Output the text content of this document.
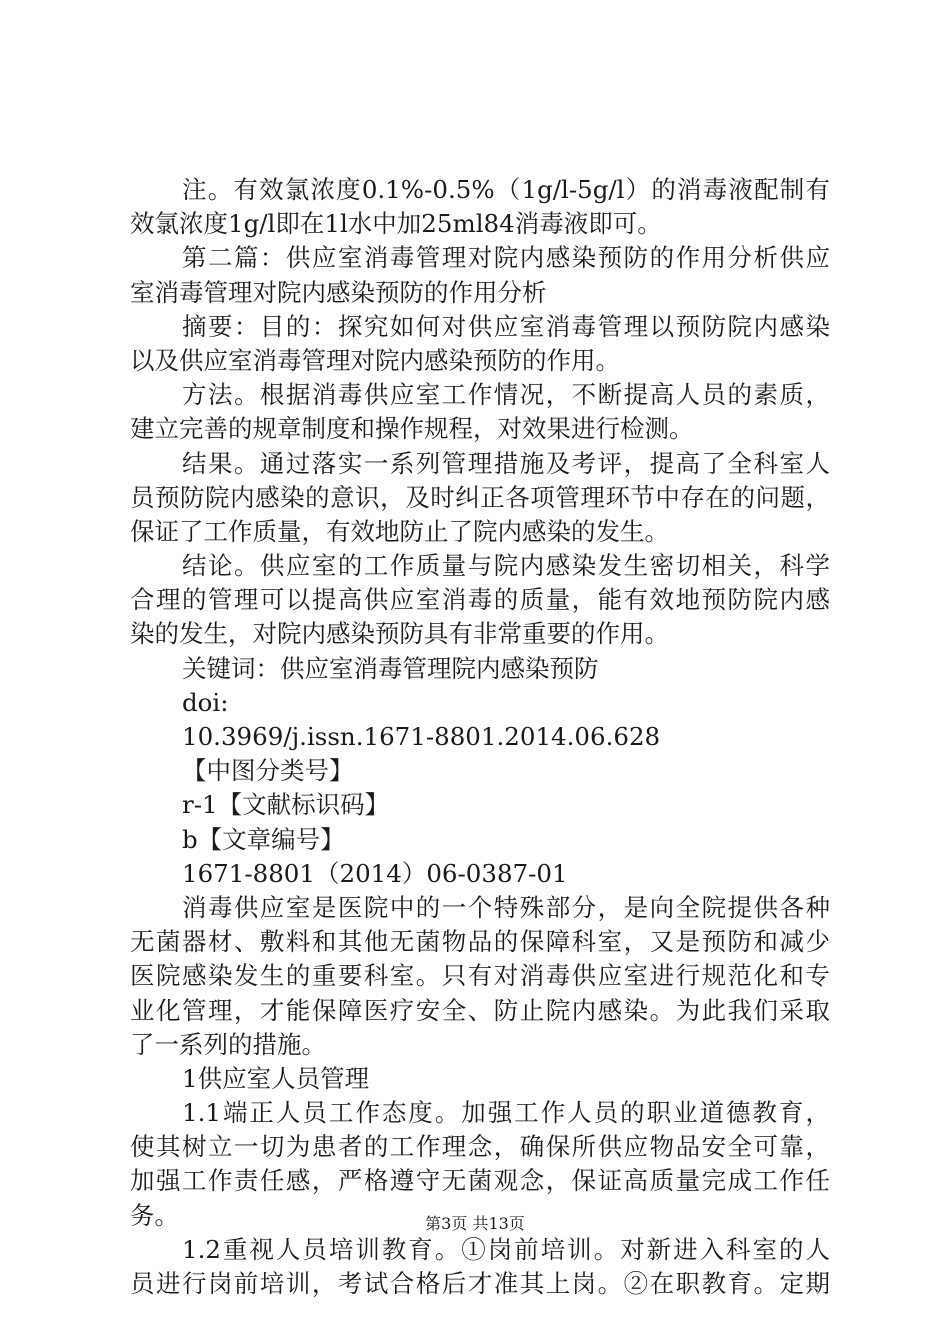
注。有效氯浓度0.1%-0.5%（1g/l-5g/l）的消毒液配制有
效氯浓度1g/l即在1l水中加25ml84消毒液即可。
第二篇：供应室消毒管理对院内感染预防的作用分析供应
室消毒管理对院内感染预防的作用分析
摘要：目的：探究如何对供应室消毒管理以预防院内感染
以及供应室消毒管理对院内感染预防的作用。
方法。根据消毒供应室工作情况，不断提高人员的素质，
建立完善的规章制度和操作规程，对效果进行检测。
结果。通过落实一系列管理措施及考评，提高了全科室人
员预防院内感染的意识，及时纠正各项管理环节中存在的问题，
保证了工作质量，有效地防止了院内感染的发生。
结论。供应室的工作质量与院内感染发生密切相关，科学
合理的管理可以提高供应室消毒的质量，能有效地预防院内感
染的发生，对院内感染预防具有非常重要的作用。
关键词：供应室消毒管理院内感染预防
doi:
10.3969/j.issn.1671-8801.2014.06.628
【中图分类号】
r-1【文献标识码】
b【文章编号】
1671-8801（2014）06-0387-01
消毒供应室是医院中的一个特殊部分，是向全院提供各种
无菌器材、敷料和其他无菌物品的保障科室，又是预防和减少
医院感染发生的重要科室。只有对消毒供应室进行规范化和专
业化管理，才能保障医疗安全、防止院内感染。为此我们采取
了一系列的措施。
1供应室人员管理
1.1端正人员工作态度。加强工作人员的职业道德教育，
使其树立一切为患者的工作理念，确保所供应物品安全可靠，
加强工作责任感，严格遵守无菌观念，保证高质量完成工作任
务。
1.2重视人员培训教育。①岗前培训。对新进入科室的人
员进行岗前培训，考试合格后才准其上岗。②在职教育。定期
第3页 共13页
